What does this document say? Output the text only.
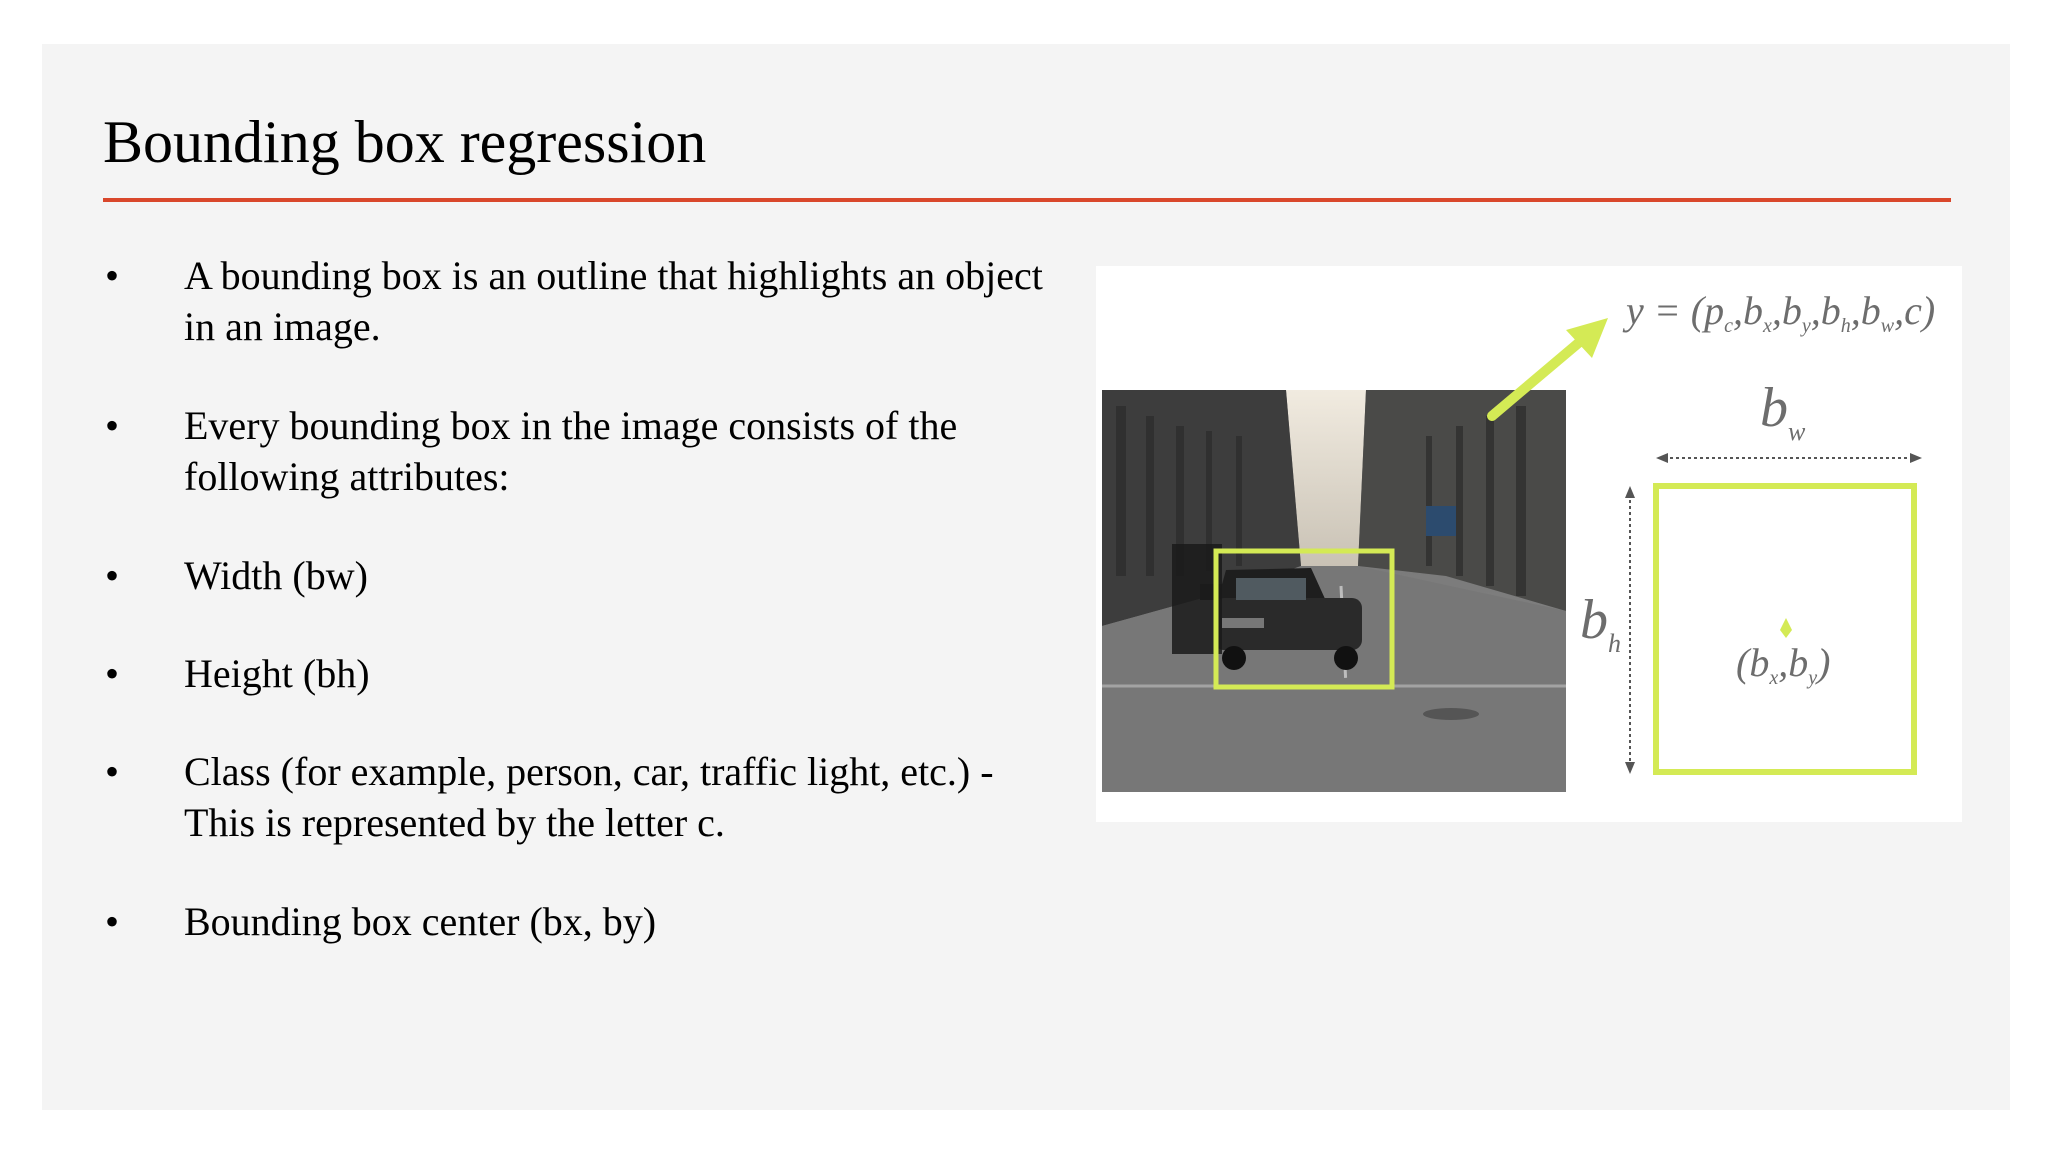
Bounding box regression
• A bounding box is an outline that highlights an object in an image.
• Every bounding box in the image consists of the following attributes:
• Width (bw)
• Height (bh)
• Class (for example, person, car, traffic light, etc.) - This is represented by the letter c.
• Bounding box center (bx, by)
$y = (p_c,b_x,b_y,b_h,b_w,c)$
$b_w$
$b_h$	$(b_x,b_y)$
